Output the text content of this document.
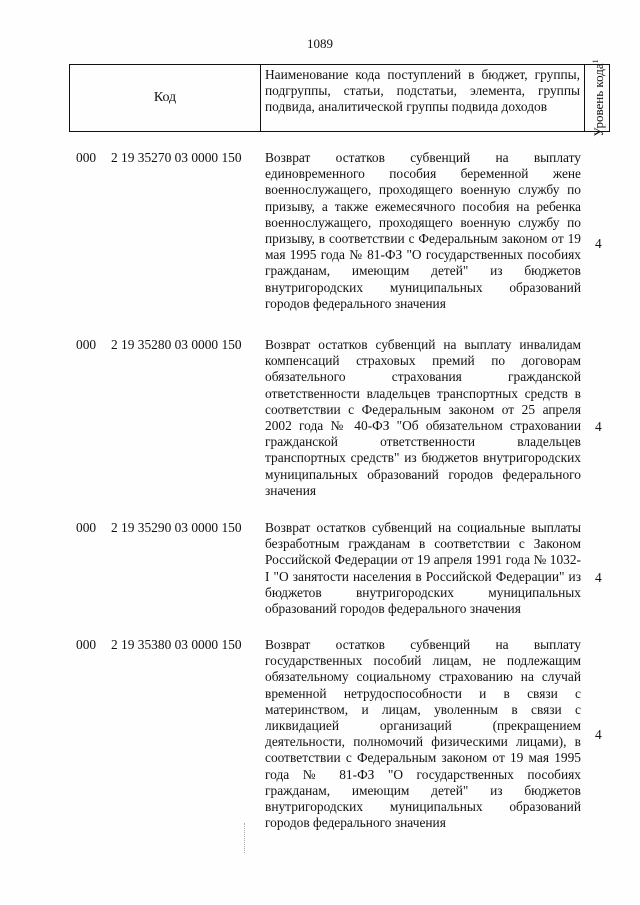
1089
Код
Наименование кода поступлений в бюджет, группы, подгруппы, статьи, подстатьи, элемента, группы подвида, аналитической группы подвида доходов	Уровень кода$^1$
000 2 19 35270 03 0000 150 Возврат остатков субвенций на выплату единовременного пособия беременной жене военнослужащего, проходящего военную службу по призыву, а также ежемесячного пособия на ребенка военнослужащего, проходящего военную службу по призыву, в соответствии с Федеральным законом от 19 мая 1995 года № 81-ФЗ "О государственных пособиях гражданам, имеющим детей" из бюджетов внутригородских муниципальных образований городов федерального значения
4
000 2 19 35280 03 0000 150 Возврат остатков субвенций на выплату инвалидам компенсаций страховых премий по договорам обязательного страхования гражданской ответственности владельцев транспортных средств в соответствии с Федеральным законом от 25 апреля 2002 года № 40-ФЗ "Об обязательном страховании гражданской ответственности владельцев транспортных средств" из бюджетов внутригородских муниципальных образований городов федерального значения
4
000 2 19 35290 03 0000 150 Возврат остатков субвенций на социальные выплаты безработным гражданам в соответствии с Законом Российской Федерации от 19 апреля 1991 года № 1032-I "О занятости населения в Российской Федерации" из бюджетов внутригородских муниципальных образований городов федерального значения
4
000 2 19 35380 03 0000 150 Возврат остатков субвенций на выплату государственных пособий лицам, не подлежащим обязательному социальному страхованию на случай временной нетрудоспособности и в связи с материнством, и лицам, уволенным в связи с ликвидацией организаций (прекращением деятельности, полномочий физическими лицами), в соответствии с Федеральным законом от 19 мая 1995 года № 81-ФЗ "О государственных пособиях гражданам, имеющим детей" из бюджетов внутригородских муниципальных образований городов федерального значения
4
